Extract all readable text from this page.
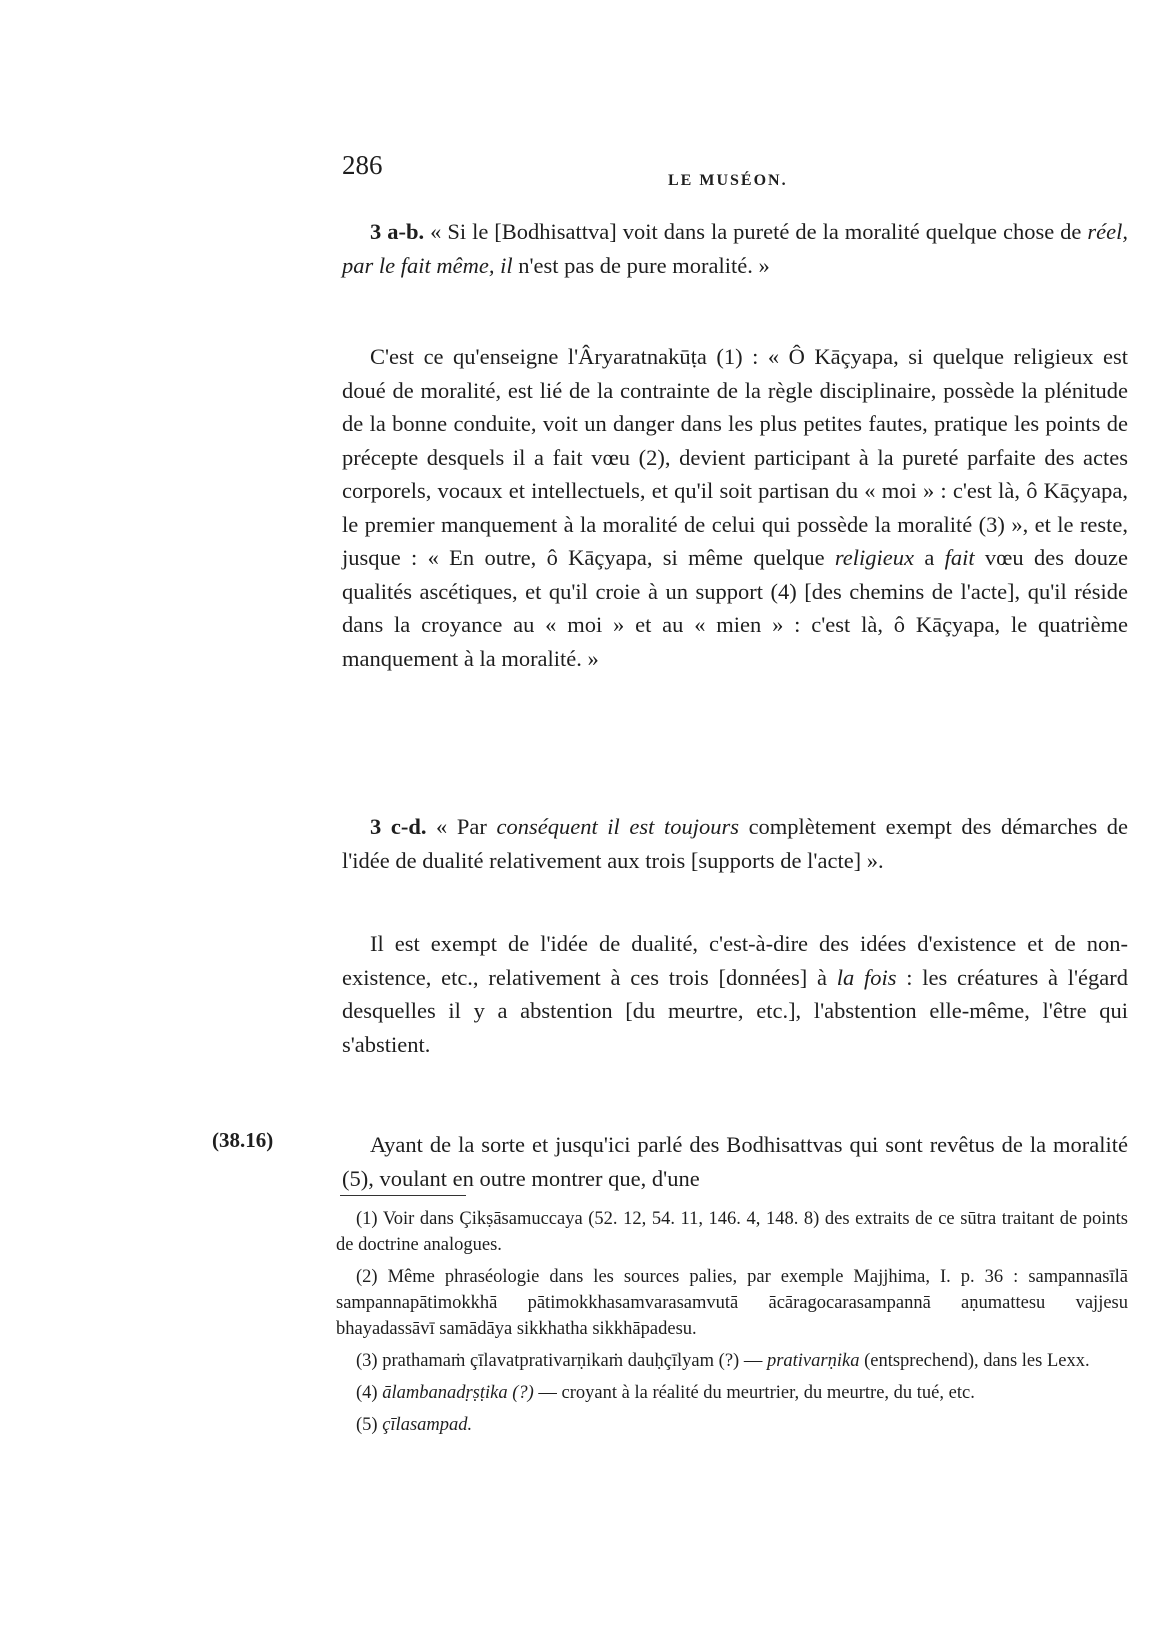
286
LE MUSÉON.

3 a-b. « Si le [Bodhisattva] voit dans la pureté de la moralité quelque chose de réel, par le fait même, il n'est pas de pure moralité. »

C'est ce qu'enseigne l'Âryaratnakūṭa (1) : « Ô Kāçyapa, si quelque religieux est doué de moralité, est lié de la contrainte de la règle disciplinaire, possède la plénitude de la bonne conduite, voit un danger dans les plus petites fautes, pratique les points de précepte desquels il a fait vœu (2), devient participant à la pureté parfaite des actes corporels, vocaux et intellectuels, et qu'il soit partisan du « moi » : c'est là, ô Kāçyapa, le premier manquement à la moralité de celui qui possède la moralité (3) », et le reste, jusque : « En outre, ô Kāçyapa, si même quelque religieux a fait vœu des douze qualités ascétiques, et qu'il croie à un support (4) [des chemins de l'acte], qu'il réside dans la croyance au « moi » et au « mien » : c'est là, ô Kāçyapa, le quatrième manquement à la moralité. »

3 c-d. « Par conséquent il est toujours complètement exempt des démarches de l'idée de dualité relativement aux trois [supports de l'acte] ».

Il est exempt de l'idée de dualité, c'est-à-dire des idées d'existence et de non-existence, etc., relativement à ces trois [données] à la fois : les créatures à l'égard desquelles il y a abstention [du meurtre, etc.], l'abstention elle-même, l'être qui s'abstient.

(38.16)	Ayant de la sorte et jusqu'ici parlé des Bodhisattvas qui sont revêtus de la moralité (5), voulant en outre montrer que, d'une

(1) Voir dans Çikṣāsamuccaya (52. 12, 54. 11, 146. 4, 148. 8) des extraits de ce sūtra traitant de points de doctrine analogues.

(2) Même phraséologie dans les sources palies, par exemple Majjhima, I. p. 36 : sampannasīlā sampannapātimokkhā pātimokkhasamvarasamvutā ācāragocarasampannā aṇumattesu vajjesu bhayadassāvī samādāya sikkhatha sikkhāpadesu.

(3) prathamaṁ çīlavatprativarṇikaṁ dauḥçīlyam (?) — prativarṇika (entsprechend), dans les Lexx.

(4) ālambanadṛṣṭika (?) — croyant à la réalité du meurtrier, du meurtre, du tué, etc.

(5) çīlasampad.
